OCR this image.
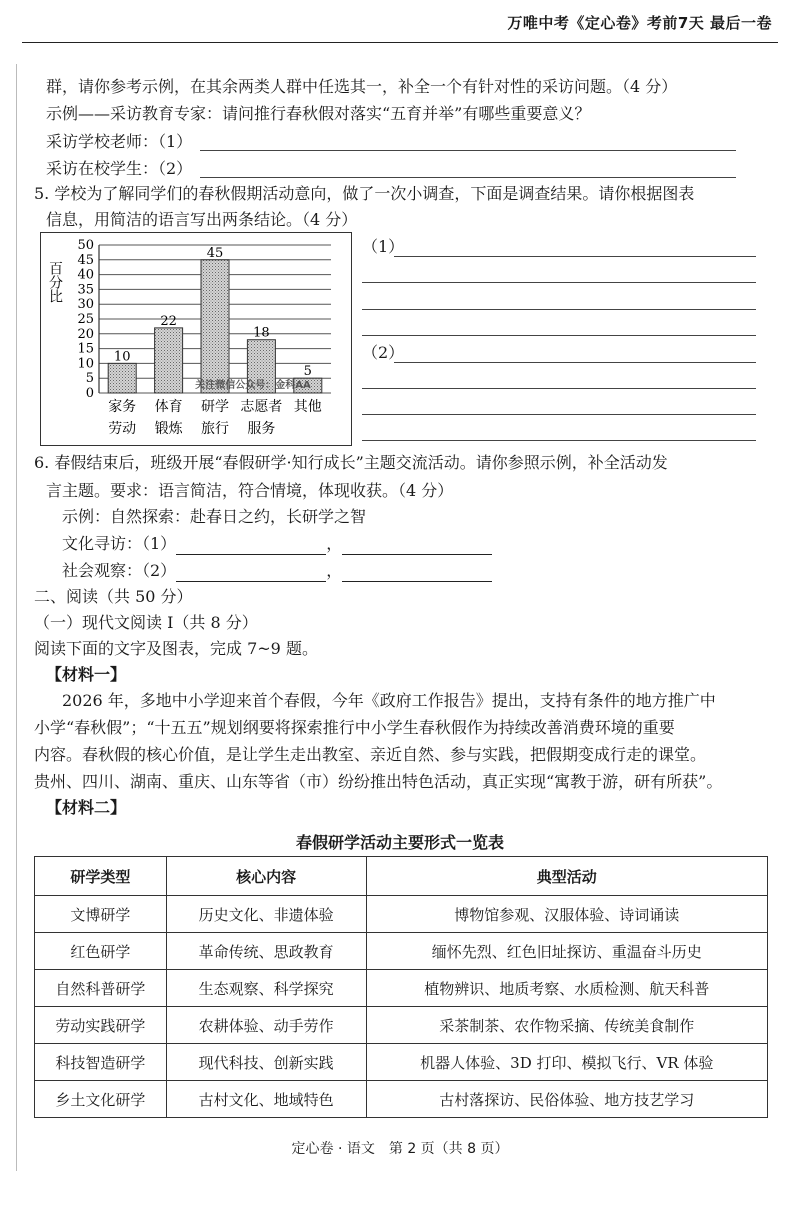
万唯中考《定心卷》考前7天 最后一卷
群，请你参考示例，在其余两类人群中任选其一，补全一个有针对性的采访问题。（4 分）
示例——采访教育专家：请问推行春秋假对落实“五育并举”有哪些重要意义？
采访学校老师：（1）
采访在校学生：（2）
5. 学校为了解同学们的春秋假期活动意向，做了一次小调查，下面是调查结果。请你根据图表
信息，用简洁的语言写出两条结论。（4 分）
百分比
0
5
10
15
20
25
30
35
40
45
50
10
家务
劳动
22
体育
锻炼
45
研学
旅行
18
志愿者
服务
5
其他
关注微信公众号：金科AA
（1）
（2）
6. 春假结束后，班级开展“春假研学·知行成长”主题交流活动。请你参照示例，补全活动发
言主题。要求：语言简洁，符合情境，体现收获。（4 分）
示例：自然探索：赴春日之约，长研学之智
文化寻访：（1）	，
社会观察：（2）	，
二、阅读（共 50 分）
（一）现代文阅读 Ⅰ（共 8 分）
阅读下面的文字及图表，完成 7~9 题。
【材料一】
2026 年，多地中小学迎来首个春假，今年《政府工作报告》提出，支持有条件的地方推广中
小学“春秋假”；“十五五”规划纲要将探索推行中小学生春秋假作为持续改善消费环境的重要
内容。春秋假的核心价值，是让学生走出教室、亲近自然、参与实践，把假期变成行走的课堂。
贵州、四川、湖南、重庆、山东等省（市）纷纷推出特色活动，真正实现“寓教于游，研有所获”。
【材料二】
春假研学活动主要形式一览表
研学类型	核心内容	典型活动
文博研学	历史文化、非遗体验	博物馆参观、汉服体验、诗词诵读
红色研学	革命传统、思政教育	缅怀先烈、红色旧址探访、重温奋斗历史
自然科普研学	生态观察、科学探究	植物辨识、地质考察、水质检测、航天科普
劳动实践研学	农耕体验、动手劳作	采茶制茶、农作物采摘、传统美食制作
科技智造研学	现代科技、创新实践	机器人体验、3D 打印、模拟飞行、VR 体验
乡土文化研学	古村文化、地域特色	古村落探访、民俗体验、地方技艺学习
定心卷 · 语文　第 2 页（共 8 页）
